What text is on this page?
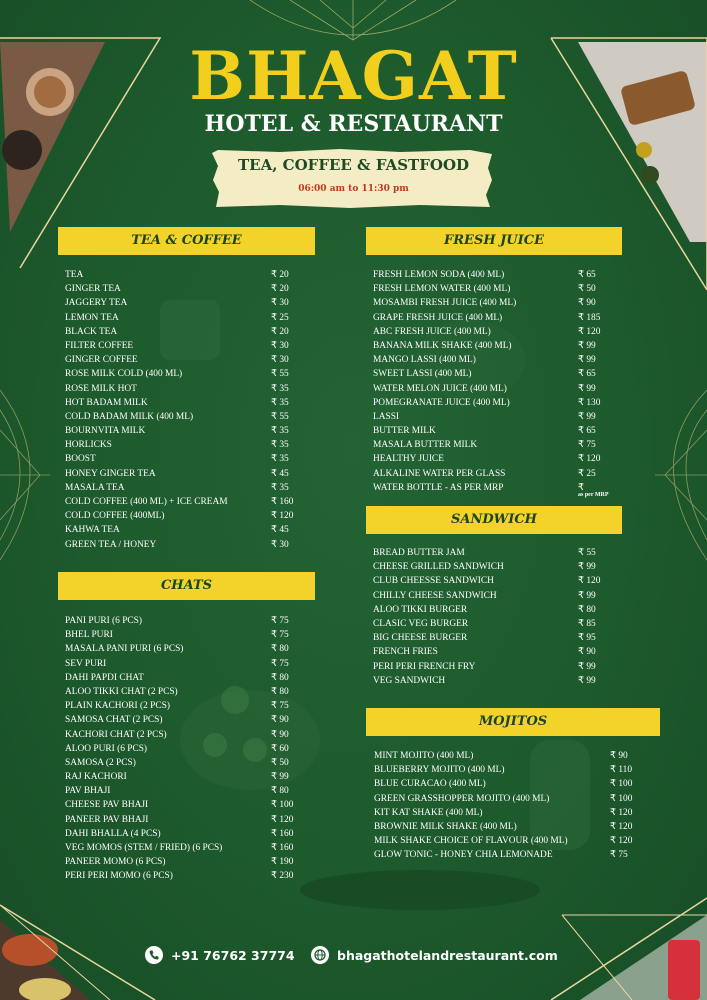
BHAGAT
HOTEL & RESTAURANT
TEA, COFFEE & FASTFOOD
06:00 am to 11:30 pm
TEA & COFFEE
CHATS
FRESH JUICE
SANDWICH
MOJITOS
TEA	₹ 20
GINGER TEA	₹ 20
JAGGERY TEA	₹ 30
LEMON TEA	₹ 25
BLACK TEA	₹ 20
FILTER COFFEE	₹ 30
GINGER COFFEE	₹ 30
ROSE MILK COLD (400 ML)	₹ 55
ROSE MILK HOT	₹ 35
HOT BADAM MILK	₹ 35
COLD BADAM MILK (400 ML)	₹ 55
BOURNVITA MILK	₹ 35
HORLICKS	₹ 35
BOOST	₹ 35
HONEY GINGER TEA	₹ 45
MASALA TEA	₹ 35
COLD COFFEE (400 ML) + ICE CREAM	₹ 160
COLD COFFEE (400ML)	₹ 120
KAHWA TEA	₹ 45
GREEN TEA / HONEY	₹ 30
PANI PURI (6 PCS)	₹ 75
BHEL PURI	₹ 75
MASALA PANI PURI (6 PCS)	₹ 80
SEV PURI	₹ 75
DAHI PAPDI CHAT	₹ 80
ALOO TIKKI CHAT (2 PCS)	₹ 80
PLAIN KACHORI (2 PCS)	₹ 75
SAMOSA CHAT (2 PCS)	₹ 90
KACHORI CHAT (2 PCS)	₹ 90
ALOO PURI (6 PCS)	₹ 60
SAMOSA (2 PCS)	₹ 50
RAJ KACHORI	₹ 99
PAV BHAJI	₹ 80
CHEESE PAV BHAJI	₹ 100
PANEER PAV BHAJI	₹ 120
DAHI BHALLA (4 PCS)	₹ 160
VEG MOMOS (STEM / FRIED) (6 PCS)	₹ 160
PANEER MOMO (6 PCS)	₹ 190
PERI PERI MOMO (6 PCS)	₹ 230
FRESH LEMON SODA (400 ML)	₹ 65
FRESH LEMON WATER (400 ML)	₹ 50
MOSAMBI FRESH JUICE (400 ML)	₹ 90
GRAPE FRESH JUICE (400 ML)	₹ 185
ABC FRESH JUICE (400 ML)	₹ 120
BANANA MILK SHAKE (400 ML)	₹ 99
MANGO LASSI (400 ML)	₹ 99
SWEET LASSI (400 ML)	₹ 65
WATER MELON JUICE (400 ML)	₹ 99
POMEGRANATE JUICE (400 ML)	₹ 130
LASSI	₹ 99
BUTTER MILK	₹ 65
MASALA BUTTER MILK	₹ 75
HEALTHY JUICE	₹ 120
ALKALINE WATER PER GLASS	₹ 25
WATER BOTTLE - AS PER MRP	₹
as per MRP
BREAD BUTTER JAM	₹ 55
CHEESE GRILLED SANDWICH	₹ 99
CLUB CHEESSE SANDWICH	₹ 120
CHILLY CHEESE SANDWICH	₹ 99
ALOO TIKKI BURGER	₹ 80
CLASIC VEG BURGER	₹ 85
BIG CHEESE BURGER	₹ 95
FRENCH FRIES	₹ 90
PERI PERI FRENCH FRY	₹ 99
VEG SANDWICH	₹ 99
MINT MOJITO (400 ML)	₹ 90
BLUEBERRY MOJITO (400 ML)	₹ 110
BLUE CURACAO (400 ML)	₹ 100
GREEN GRASSHOPPER MOJITO (400 ML)	₹ 100
KIT KAT SHAKE (400 ML)	₹ 120
BROWNIE MILK SHAKE (400 ML)	₹ 120
MILK SHAKE CHOICE OF FLAVOUR (400 ML)	₹ 120
GLOW TONIC - HONEY CHIA LEMONADE	₹ 75
+91 76762 37774	bhagathotelandrestaurant.com
